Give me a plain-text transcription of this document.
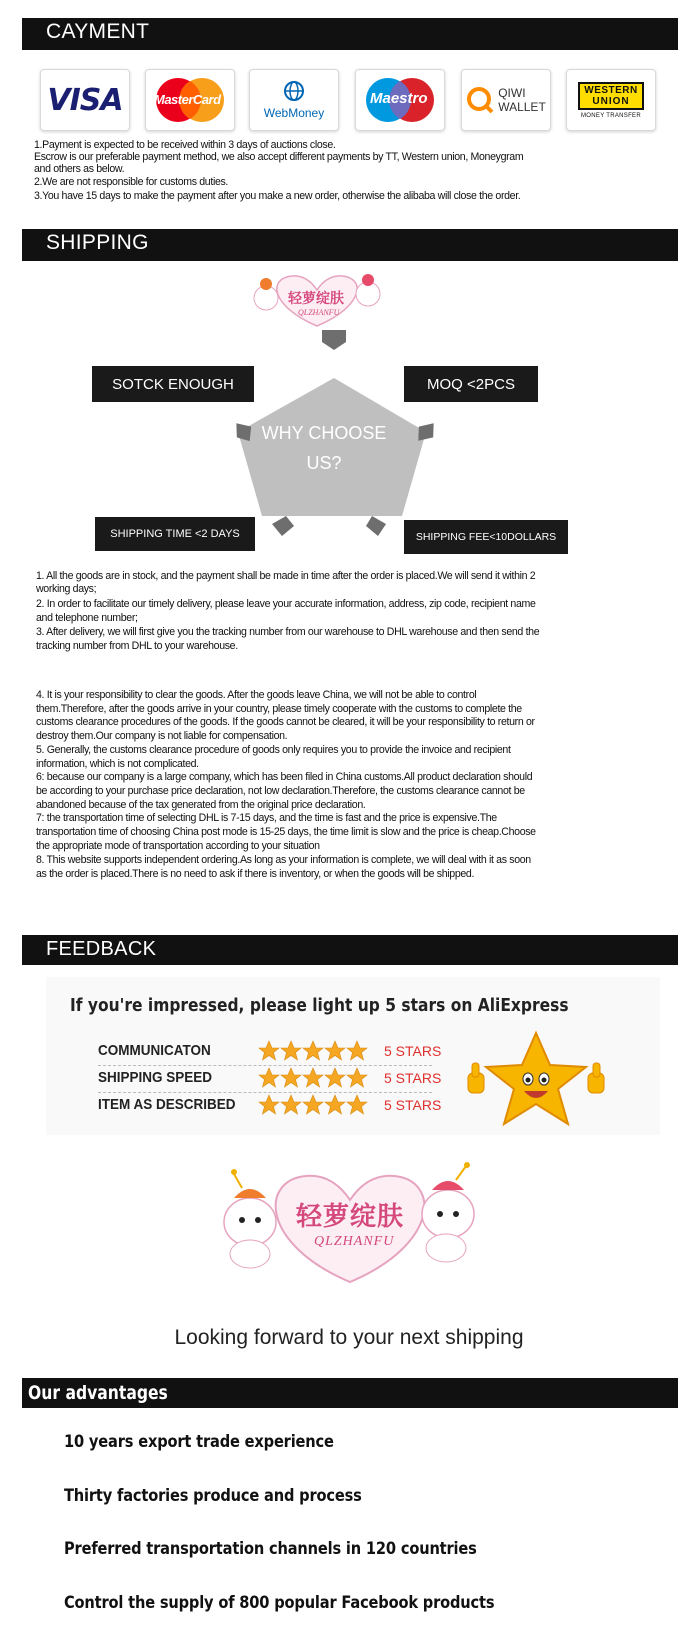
CAYMENT
VISA MasterCard
WebMoney
Maestro	QIWI
WALLET
WESTERN
UNION
MONEY TRANSFER
1.Payment is expected to be received within 3 days of auctions close.
Escrow is our preferable payment method, we also accept different payments by TT, Western union, Moneygram
and others as below.
2.We are not responsible for customs duties.
3.You have 15 days to make the payment after you make a new order, otherwise the alibaba will close the order.
SHIPPING
轻萝绽肤
QLZHANFU
WHY CHOOSE
US?
SOTCK ENOUGH	MOQ <2PCS
SHIPPING TIME <2 DAYS	SHIPPING FEE<10DOLLARS
1. All the goods are in stock, and the payment shall be made in time after the order is placed.We will send it within 2
working days;
2. In order to facilitate our timely delivery, please leave your accurate information, address, zip code, recipient name
and telephone number;
3. After delivery, we will first give you the tracking number from our warehouse to DHL warehouse and then send the
tracking number from DHL to your warehouse.
4. It is your responsibility to clear the goods. After the goods leave China, we will not be able to control
them.Therefore, after the goods arrive in your country, please timely cooperate with the customs to complete the
customs clearance procedures of the goods. If the goods cannot be cleared, it will be your responsibility to return or
destroy them.Our company is not liable for compensation.
5. Generally, the customs clearance procedure of goods only requires you to provide the invoice and recipient
information, which is not complicated.
6: because our company is a large company, which has been filed in China customs.All product declaration should
be according to your purchase price declaration, not low declaration.Therefore, the customs clearance cannot be
abandoned because of the tax generated from the original price declaration.
7: the transportation time of selecting DHL is 7-15 days, and the time is fast and the price is expensive.The
transportation time of choosing China post mode is 15-25 days, the time limit is slow and the price is cheap.Choose
the appropriate mode of transportation according to your situation
8. This website supports independent ordering.As long as your information is complete, we will deal with it as soon
as the order is placed.There is no need to ask if there is inventory, or when the goods will be shipped.
FEEDBACK
If you're impressed, please light up 5 stars on AliExpress
COMMUNICATON	5 STARS
SHIPPING SPEED	5 STARS
ITEM AS DESCRIBED	5 STARS
轻萝绽肤
QLZHANFU
Looking forward to your next shipping
Our advantages
10 years export trade experience
Thirty factories produce and process
Preferred transportation channels in 120 countries
Control the supply of 800 popular Facebook products
